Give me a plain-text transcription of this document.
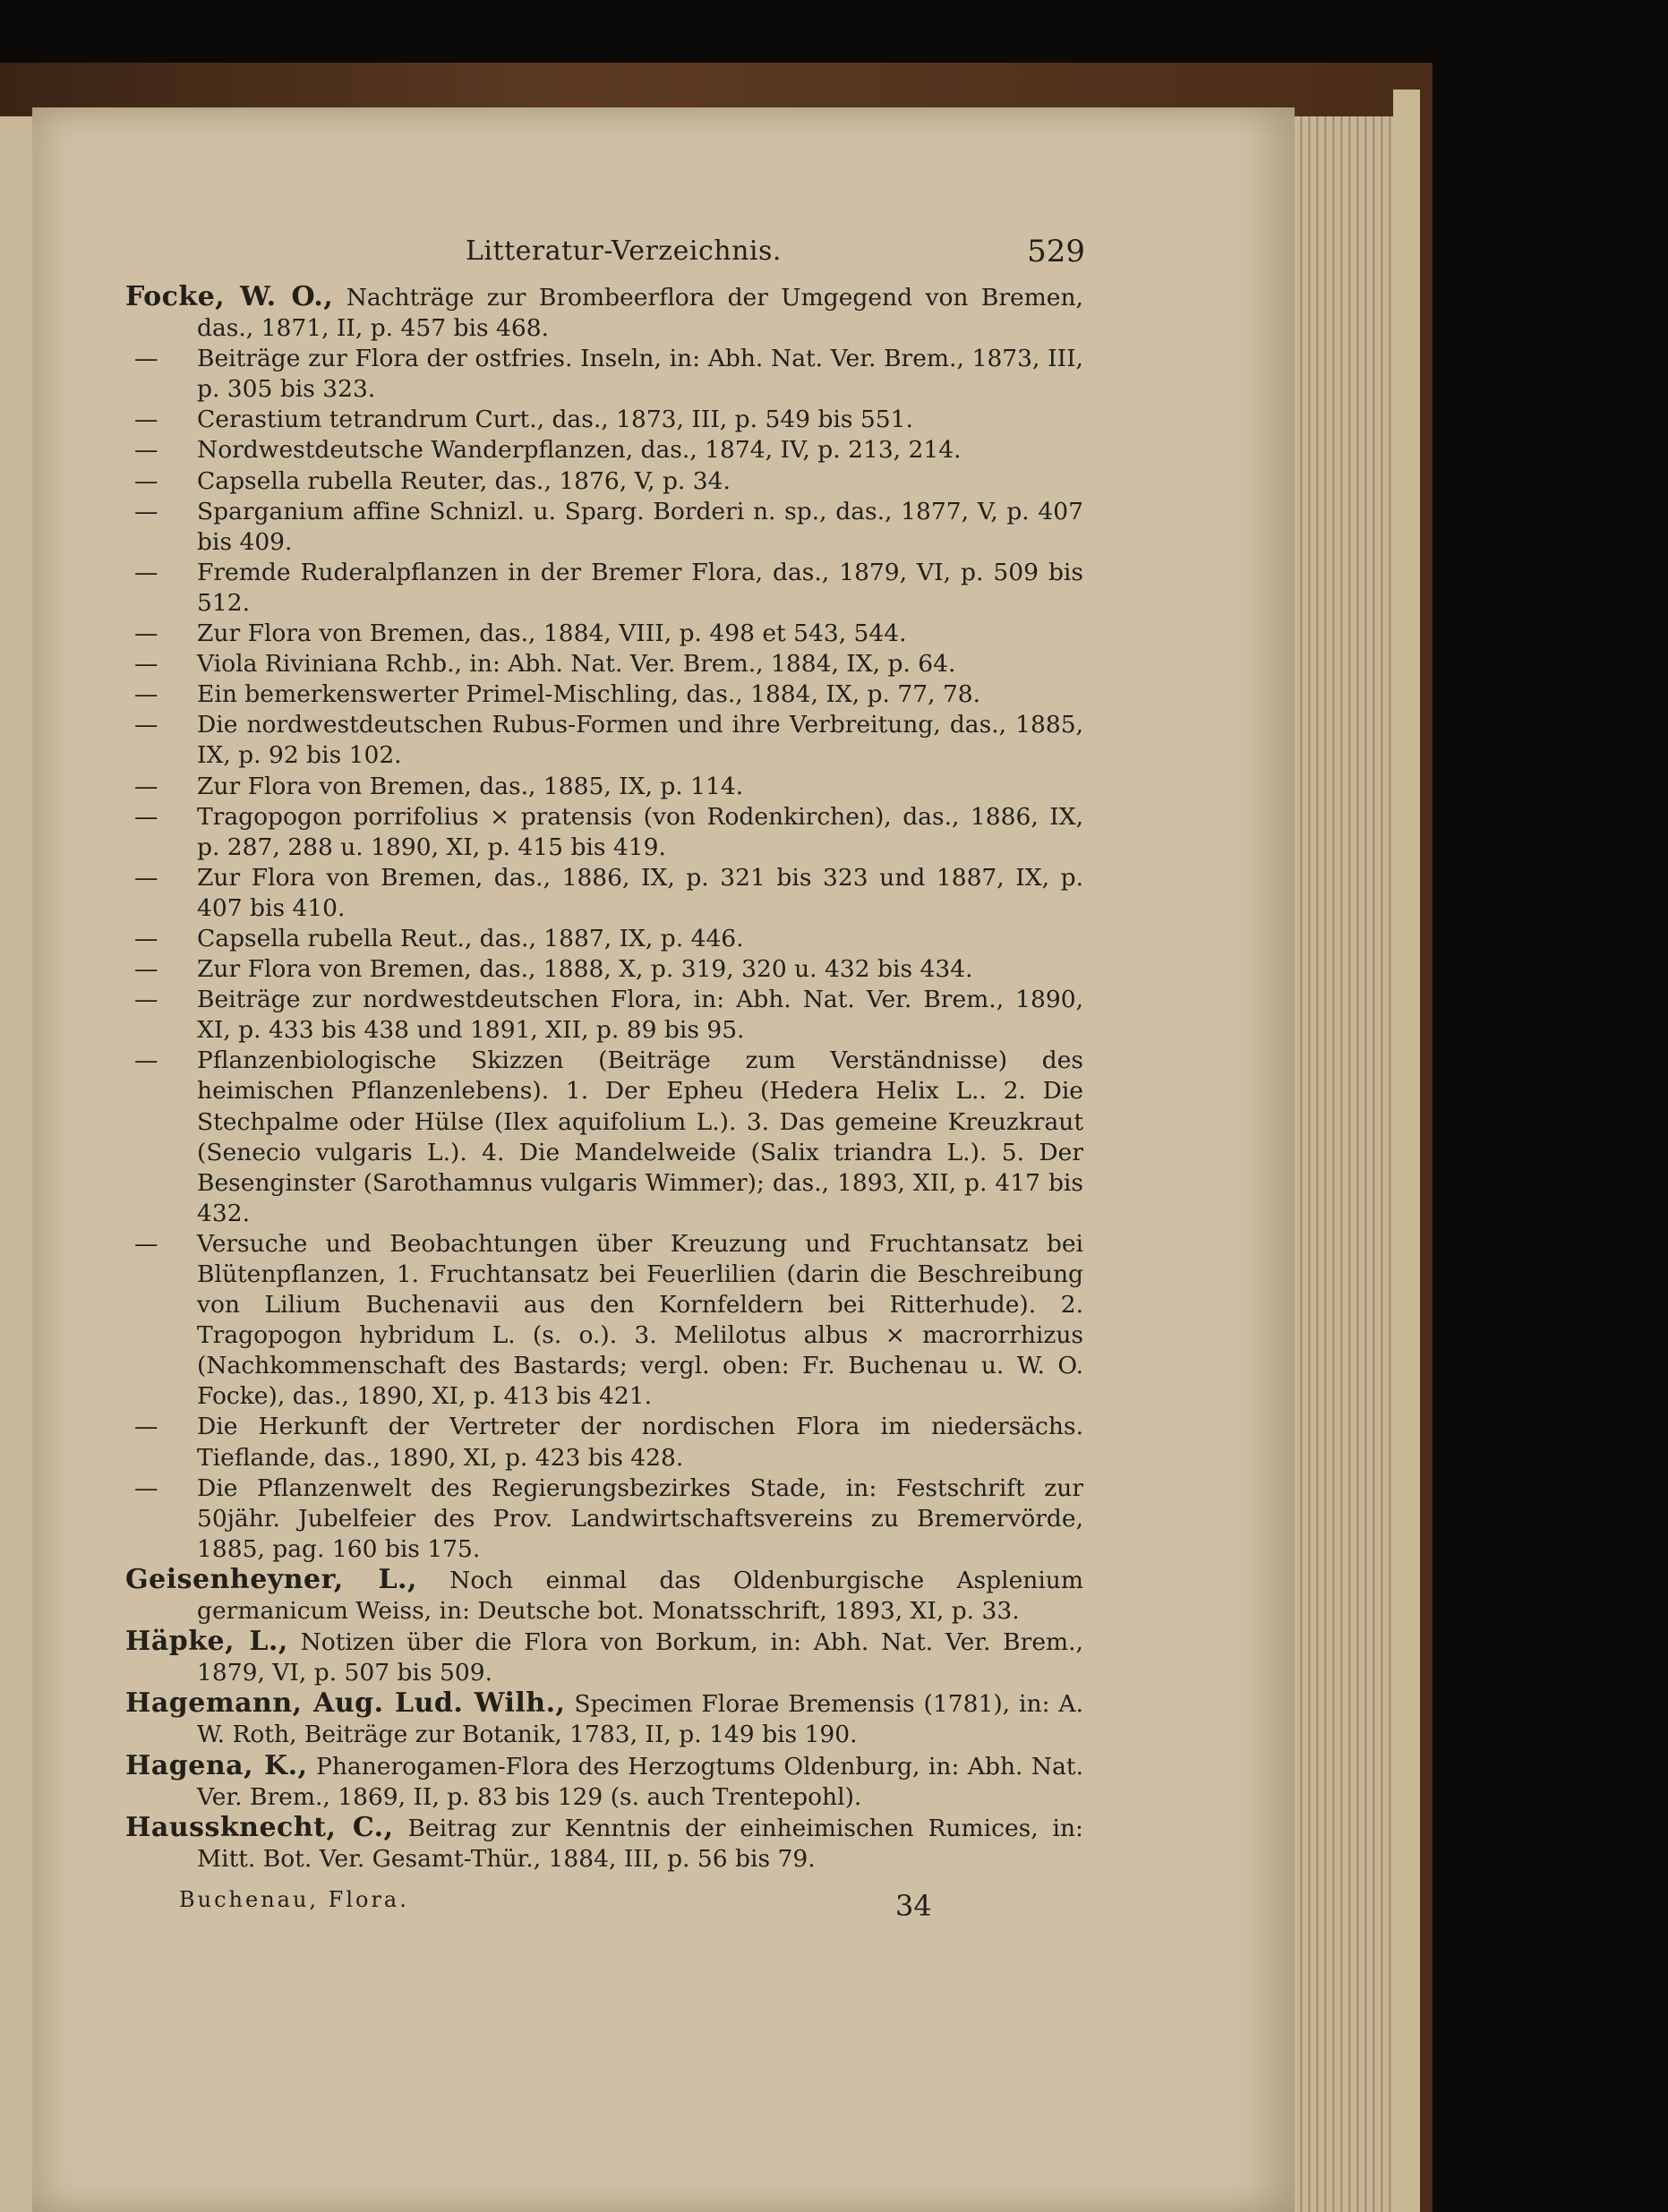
Litteratur-Verzeichnis.	529
Focke, W. O., Nachträge zur Brombeerflora der Umgegend von Bremen, das., 1871, II, p. 457 bis 468.
—	Beiträge zur Flora der ostfries. Inseln, in: Abh. Nat. Ver. Brem., 1873, III, p. 305 bis 323.
—	Cerastium tetrandrum Curt., das., 1873, III, p. 549 bis 551.
—	Nordwestdeutsche Wanderpflanzen, das., 1874, IV, p. 213, 214.
—	Capsella rubella Reuter, das., 1876, V, p. 34.
—	Sparganium affine Schnizl. u. Sparg. Borderi n. sp., das., 1877, V, p. 407 bis 409.
—	Fremde Ruderalpflanzen in der Bremer Flora, das., 1879, VI, p. 509 bis 512.
—	Zur Flora von Bremen, das., 1884, VIII, p. 498 et 543, 544.
—	Viola Riviniana Rchb., in: Abh. Nat. Ver. Brem., 1884, IX, p. 64.
—	Ein bemerkenswerter Primel-Mischling, das., 1884, IX, p. 77, 78.
—	Die nordwestdeutschen Rubus-Formen und ihre Verbreitung, das., 1885, IX, p. 92 bis 102.
—	Zur Flora von Bremen, das., 1885, IX, p. 114.
—	Tragopogon porrifolius × pratensis (von Rodenkirchen), das., 1886, IX, p. 287, 288 u. 1890, XI, p. 415 bis 419.
—	Zur Flora von Bremen, das., 1886, IX, p. 321 bis 323 und 1887, IX, p. 407 bis 410.
—	Capsella rubella Reut., das., 1887, IX, p. 446.
—	Zur Flora von Bremen, das., 1888, X, p. 319, 320 u. 432 bis 434.
—	Beiträge zur nordwestdeutschen Flora, in: Abh. Nat. Ver. Brem., 1890, XI, p. 433 bis 438 und 1891, XII, p. 89 bis 95.
—	Pflanzenbiologische Skizzen (Beiträge zum Verständnisse) des heimischen Pflanzenlebens). 1. Der Epheu (Hedera Helix L.. 2. Die Stechpalme oder Hülse (Ilex aquifolium L.). 3. Das gemeine Kreuzkraut (Senecio vulgaris L.). 4. Die Mandelweide (Salix triandra L.). 5. Der Besenginster (Sarothamnus vulgaris Wimmer); das., 1893, XII, p. 417 bis 432.
—	Versuche und Beobachtungen über Kreuzung und Fruchtansatz bei Blütenpflanzen, 1. Fruchtansatz bei Feuerlilien (darin die Beschreibung von Lilium Buchenavii aus den Kornfeldern bei Ritterhude). 2. Tragopogon hybridum L. (s. o.). 3. Melilotus albus × macrorrhizus (Nachkommenschaft des Bastards; vergl. oben: Fr. Buchenau u. W. O. Focke), das., 1890, XI, p. 413 bis 421.
—	Die Herkunft der Vertreter der nordischen Flora im niedersächs. Tieflande, das., 1890, XI, p. 423 bis 428.
—	Die Pflanzenwelt des Regierungsbezirkes Stade, in: Festschrift zur 50jähr. Jubelfeier des Prov. Landwirtschaftsvereins zu Bremervörde, 1885, pag. 160 bis 175.
Geisenheyner, L., Noch einmal das Oldenburgische Asplenium germanicum Weiss, in: Deutsche bot. Monatsschrift, 1893, XI, p. 33.
Häpke, L., Notizen über die Flora von Borkum, in: Abh. Nat. Ver. Brem., 1879, VI, p. 507 bis 509.
Hagemann, Aug. Lud. Wilh., Specimen Florae Bremensis (1781), in: A. W. Roth, Beiträge zur Botanik, 1783, II, p. 149 bis 190.
Hagena, K., Phanerogamen-Flora des Herzogtums Oldenburg, in: Abh. Nat. Ver. Brem., 1869, II, p. 83 bis 129 (s. auch Trentepohl).
Haussknecht, C., Beitrag zur Kenntnis der einheimischen Rumices, in: Mitt. Bot. Ver. Gesamt-Thür., 1884, III, p. 56 bis 79.
Buchenau, Flora.	34
